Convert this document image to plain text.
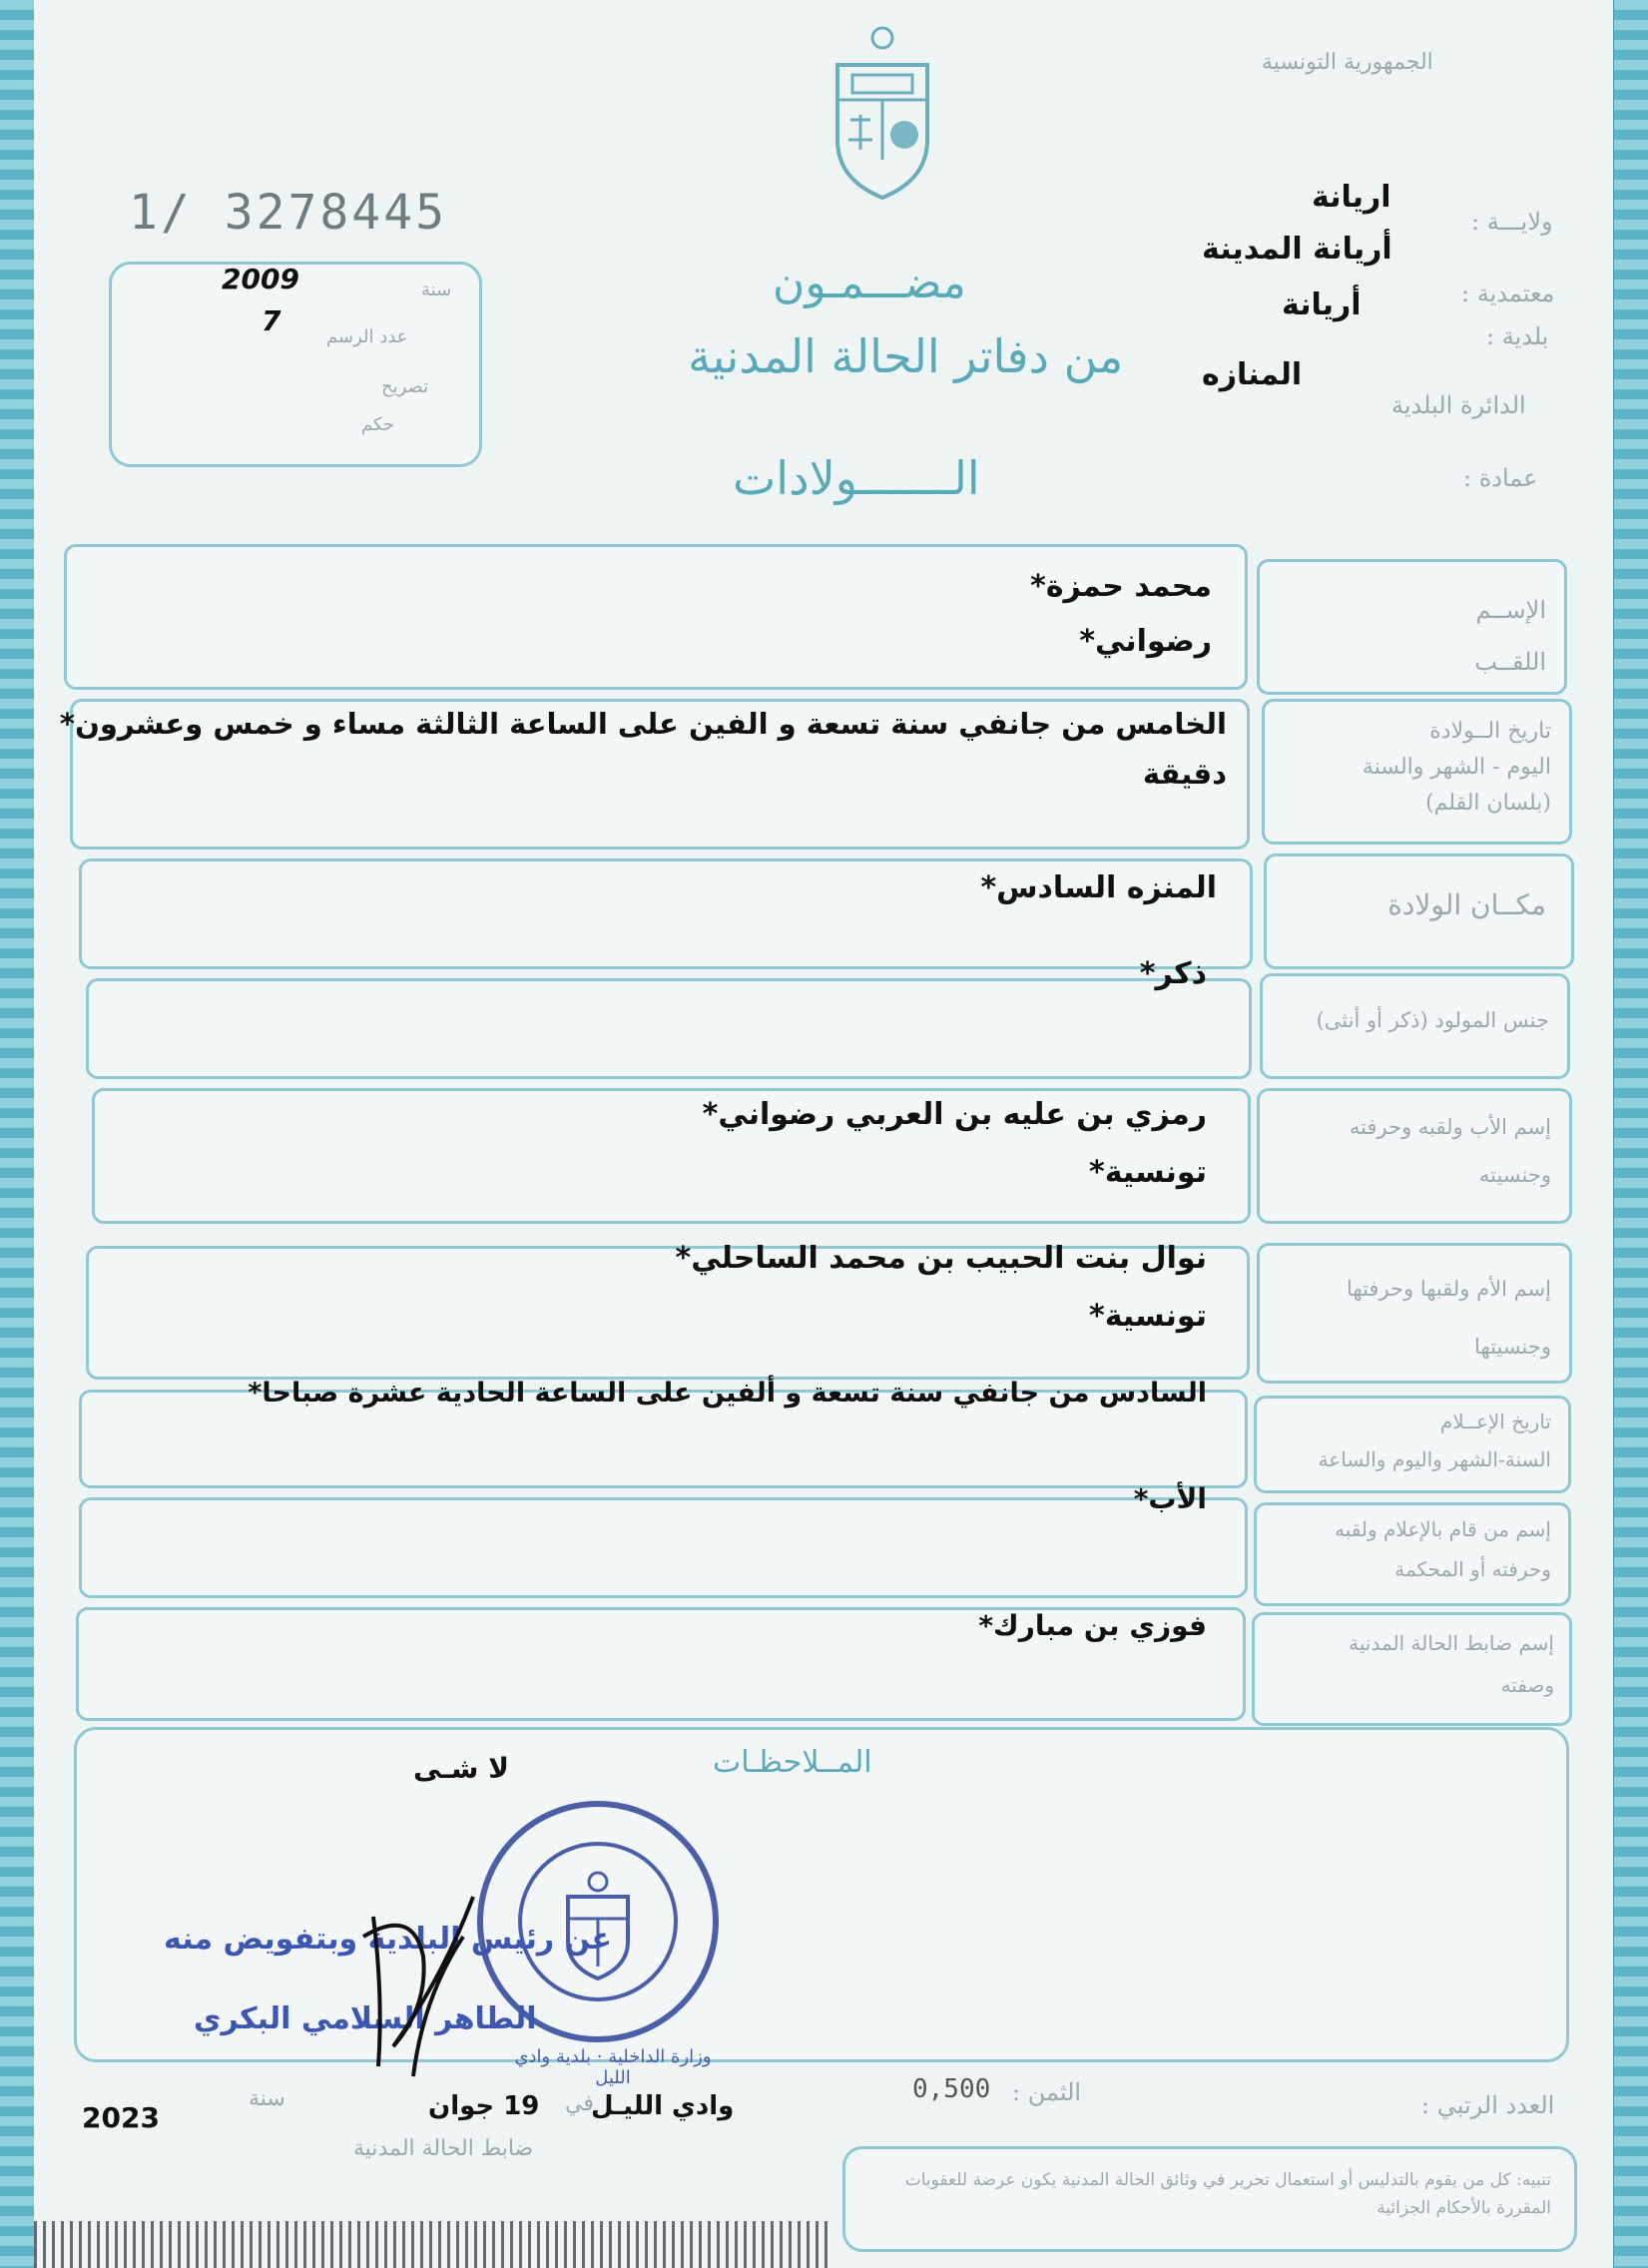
الجمهورية التونسية
1/ 3278445	ولايـــة :
معتمدية :
بلدية :
الدائرة البلدية
عمادة :
اريانة
أريانة المدينة
أريانة
المنازه
مضـــمـون
من دفاتر الحالة المدنية
الـــــــولادات
2009
7
سنة
عدد الرسم
تصريح
حكم
الإســم
اللقــب
محمد حمزة*
رضواني*
تاريخ الــولادة
اليوم - الشهر والسنة
(بلسان القلم)
الخامس من جانفي سنة تسعة و الفين على الساعة الثالثة مساء و خمس وعشرون*
دقيقة
مكــان الولادة
المنزه السادس*
جنس المولود (ذكر أو أنثى)
ذكر*
إسم الأب ولقبه وحرفته
وجنسيته
رمزي بن عليه بن العربي رضواني*
تونسية*
إسم الأم ولقبها وحرفتها
وجنسيتها
نوال بنت الحبيب بن محمد الساحلي*
تونسية*
تاريخ الإعــلام
السنة-الشهر واليوم والساعة
السادس من جانفي سنة تسعة و ألفين على الساعة الحادية عشرة صباحا*
إسم من قام بالإعلام ولقبه
وحرفته أو المحكمة
الأب*
إسم ضابط الحالة المدنية
وصفته
فوزي بن مبارك*
المــلاحظـات
لا شـى
وزارة الداخلية · بلدية وادي الليل
عن رئيس البلدية وبتفويض منه
الطاهر السلامي البكري
العدد الرتبي :
الثمن :
0,500
وادي الليـل
في
19 جوان
سنة
2023
ضابط الحالة المدنية
تنبيه: كل من يقوم بالتدليس أو استعمال تحرير في وثائق الحالة المدنية يكون عرضة للعقوبات المقررة بالأحكام الجزائية
